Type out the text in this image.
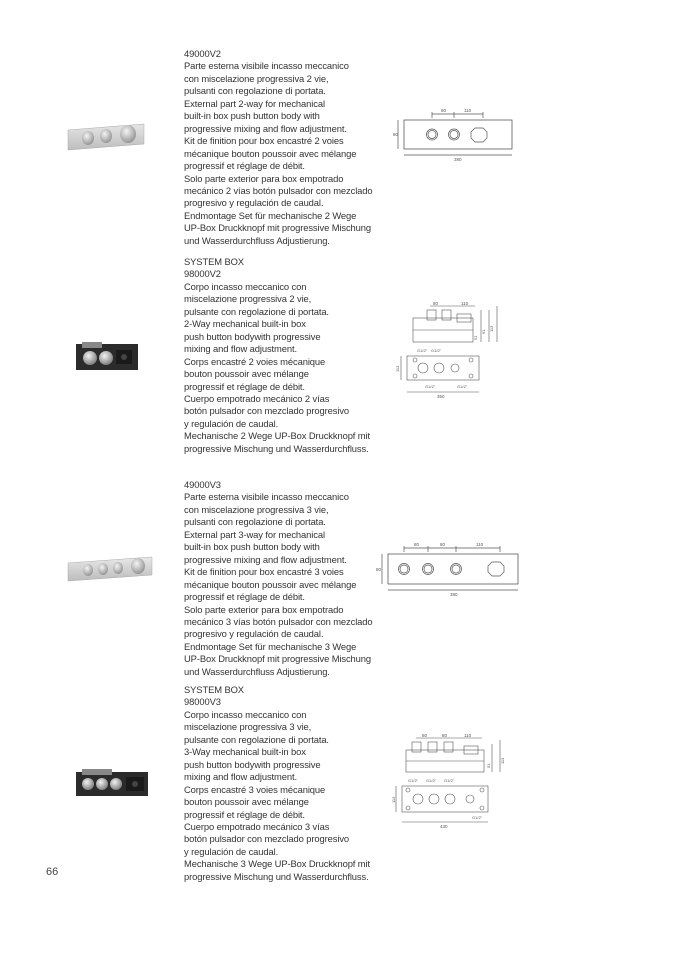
49000V2
Parte esterna visibile incasso meccanico
con miscelazione progressiva 2 vie,
pulsanti con regolazione di portata.
External part 2-way for mechanical
built-in box push button body with
progressive mixing and flow adjustment.
Kit de finition pour box encastré 2 voies
mécanique bouton poussoir avec mélange
progressif et réglage de débit.
Solo parte exterior para box empotrado
mecánico 2 vías botón pulsador con mezclado
progresivo y regulación de caudal.
Endmontage Set für mechanische 2 Wege
UP-Box Druckknopf mit progressive Mischung
und Wasserdurchfluss Adjustierung.
80	110
80
380
SYSTEM BOX
98000V2
Corpo incasso meccanico con
miscelazione progressiva 2 vie,
pulsante con regolazione di portata.
2-Way mechanical built-in box
push button bodywith progressive
mixing and flow adjustment.
Corps encastré 2 voies mécanique
bouton poussoir avec mélange
progressif et réglage de débit.
Cuerpo empotrado mecánico 2 vías
botón pulsador con mezclado progresivo
y regulación de caudal.
Mechanische 2 Wege UP-Box Druckknopf mit
progressive Mischung und Wasserdurchfluss.
80	110
51
91 113
G1/2" G1/2"
113
G1/2"	G1/2"
350
49000V3
Parte esterna visibile incasso meccanico
con miscelazione progressiva 3 vie,
pulsanti con regolazione di portata.
External part 3-way for mechanical
built-in box push button body with
progressive mixing and flow adjustment.
Kit de finition pour box encastré 3 voies
mécanique bouton poussoir avec mélange
progressif et réglage de débit.
Solo parte exterior para box empotrado
mecánico 3 vías botón pulsador con mezclado
progresivo y regulación de caudal.
Endmontage Set für mechanische 3 Wege
UP-Box Druckknopf mit progressive Mischung
und Wasserdurchfluss Adjustierung.
80	80	110
80
380
SYSTEM BOX
98000V3
Corpo incasso meccanico con
miscelazione progressiva 3 vie,
pulsante con regolazione di portata.
3-Way mechanical built-in box
push button bodywith progressive
mixing and flow adjustment.
Corps encastré 3 voies mécanique
bouton poussoir avec mélange
progressif et réglage de débit.
Cuerpo empotrado mecánico 3 vías
botón pulsador con mezclado progresivo
y regulación de caudal.
Mechanische 3 Wege UP-Box Druckknopf mit
progressive Mischung und Wasserdurchfluss.
80	80	110
51
113
G1/2" G1/2" G1/2"
113
G1/2"
430
66
